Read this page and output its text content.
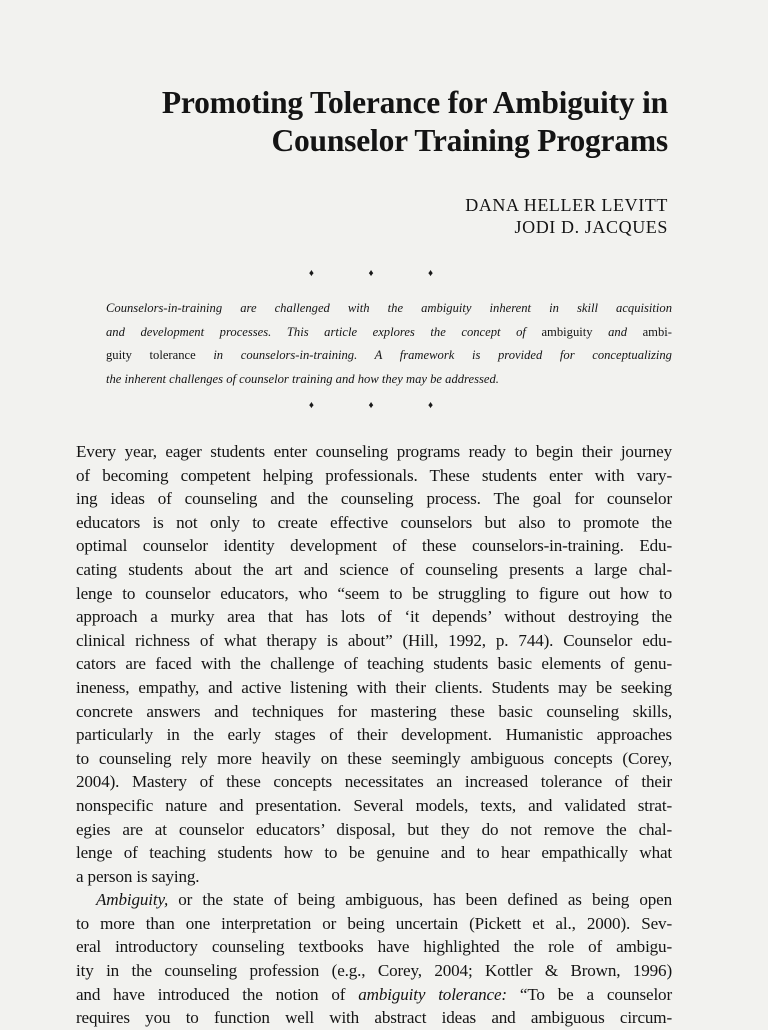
Promoting Tolerance for Ambiguity in
Counselor Training Programs
DANA HELLER LEVITT
JODI D. JACQUES
♦ ♦ ♦
Counselors-in-training are challenged with the ambiguity inherent in skill acquisition
and development processes. This article explores the concept of ambiguity and ambi-
guity tolerance in counselors-in-training. A framework is provided for conceptualizing
the inherent challenges of counselor training and how they may be addressed.
♦ ♦ ♦
Every year, eager students enter counseling programs ready to begin their journey
of becoming competent helping professionals. These students enter with vary-
ing ideas of counseling and the counseling process. The goal for counselor
educators is not only to create effective counselors but also to promote the
optimal counselor identity development of these counselors-in-training. Edu-
cating students about the art and science of counseling presents a large chal-
lenge to counselor educators, who “seem to be struggling to figure out how to
approach a murky area that has lots of ‘it depends’ without destroying the
clinical richness of what therapy is about” (Hill, 1992, p. 744). Counselor edu-
cators are faced with the challenge of teaching students basic elements of genu-
ineness, empathy, and active listening with their clients. Students may be seeking
concrete answers and techniques for mastering these basic counseling skills,
particularly in the early stages of their development. Humanistic approaches
to counseling rely more heavily on these seemingly ambiguous concepts (Corey,
2004). Mastery of these concepts necessitates an increased tolerance of their
nonspecific nature and presentation. Several models, texts, and validated strat-
egies are at counselor educators’ disposal, but they do not remove the chal-
lenge of teaching students how to be genuine and to hear empathically what
a person is saying.
Ambiguity, or the state of being ambiguous, has been defined as being open
to more than one interpretation or being uncertain (Pickett et al., 2000). Sev-
eral introductory counseling textbooks have highlighted the role of ambigu-
ity in the counseling profession (e.g., Corey, 2004; Kottler & Brown, 1996)
and have introduced the notion of ambiguity tolerance: “To be a counselor
requires you to function well with abstract ideas and ambiguous circum-
